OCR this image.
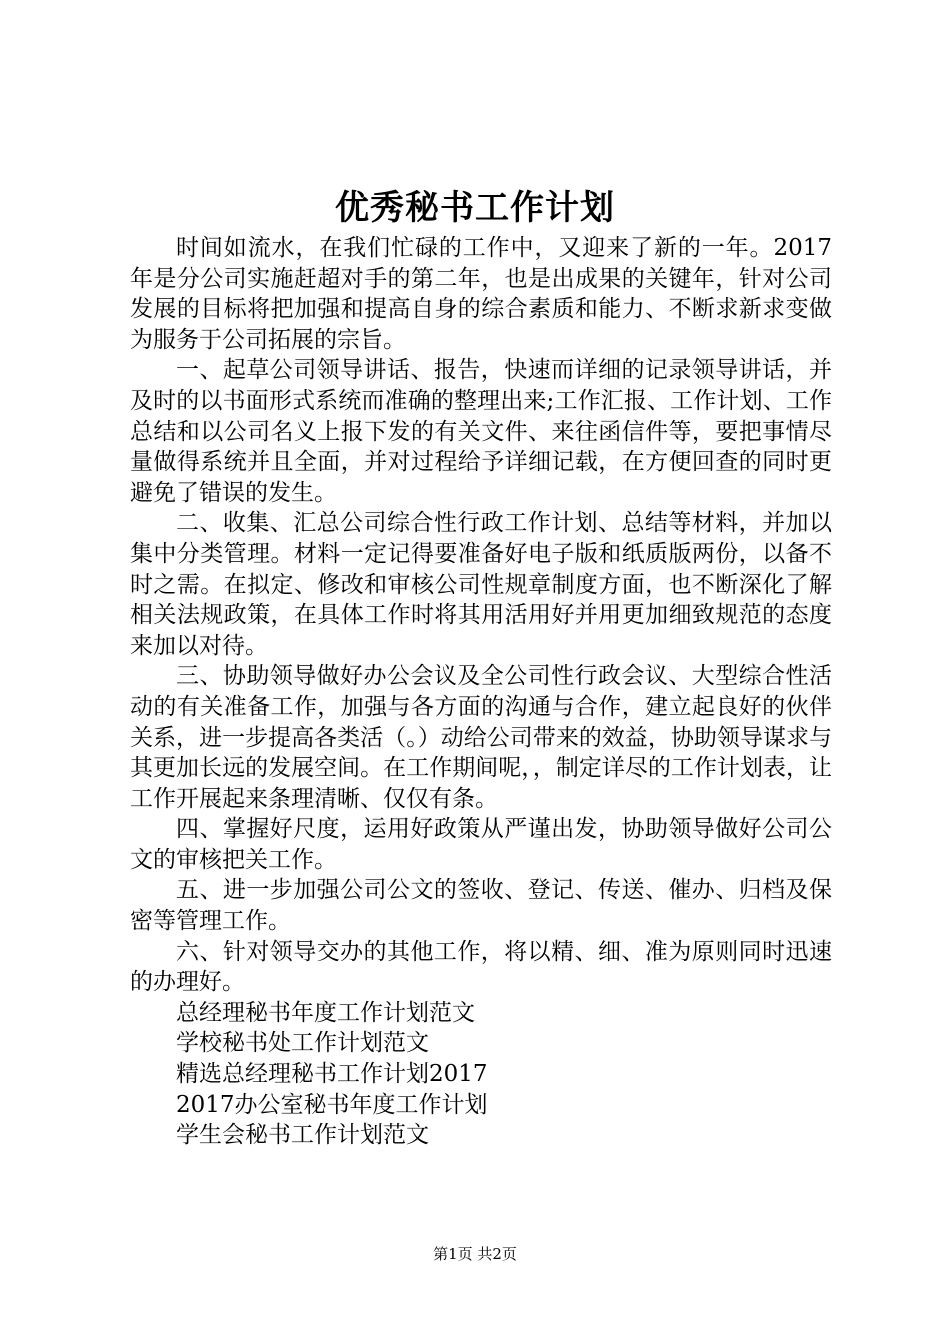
优秀秘书工作计划

时间如流水，在我们忙碌的工作中，又迎来了新的一年。2017年是分公司实施赶超对手的第二年，也是出成果的关键年，针对公司发展的目标将把加强和提高自身的综合素质和能力、不断求新求变做为服务于公司拓展的宗旨。

一、起草公司领导讲话、报告，快速而详细的记录领导讲话，并及时的以书面形式系统而准确的整理出来;工作汇报、工作计划、工作总结和以公司名义上报下发的有关文件、来往函信件等，要把事情尽量做得系统并且全面，并对过程给予详细记载，在方便回查的同时更避免了错误的发生。

二、收集、汇总公司综合性行政工作计划、总结等材料，并加以集中分类管理。材料一定记得要准备好电子版和纸质版两份，以备不时之需。在拟定、修改和审核公司性规章制度方面，也不断深化了解相关法规政策，在具体工作时将其用活用好并用更加细致规范的态度来加以对待。

三、协助领导做好办公会议及全公司性行政会议、大型综合性活动的有关准备工作，加强与各方面的沟通与合作，建立起良好的伙伴关系，进一步提高各类活（。）动给公司带来的效益，协助领导谋求与其更加长远的发展空间。在工作期间呢，，制定详尽的工作计划表，让工作开展起来条理清晰、仅仅有条。

四、掌握好尺度，运用好政策从严谨出发，协助领导做好公司公文的审核把关工作。

五、进一步加强公司公文的签收、登记、传送、催办、归档及保密等管理工作。

六、针对领导交办的其他工作，将以精、细、准为原则同时迅速的办理好。

总经理秘书年度工作计划范文

学校秘书处工作计划范文

精选总经理秘书工作计划2017

2017办公室秘书年度工作计划

学生会秘书工作计划范文

第1页 共2页
